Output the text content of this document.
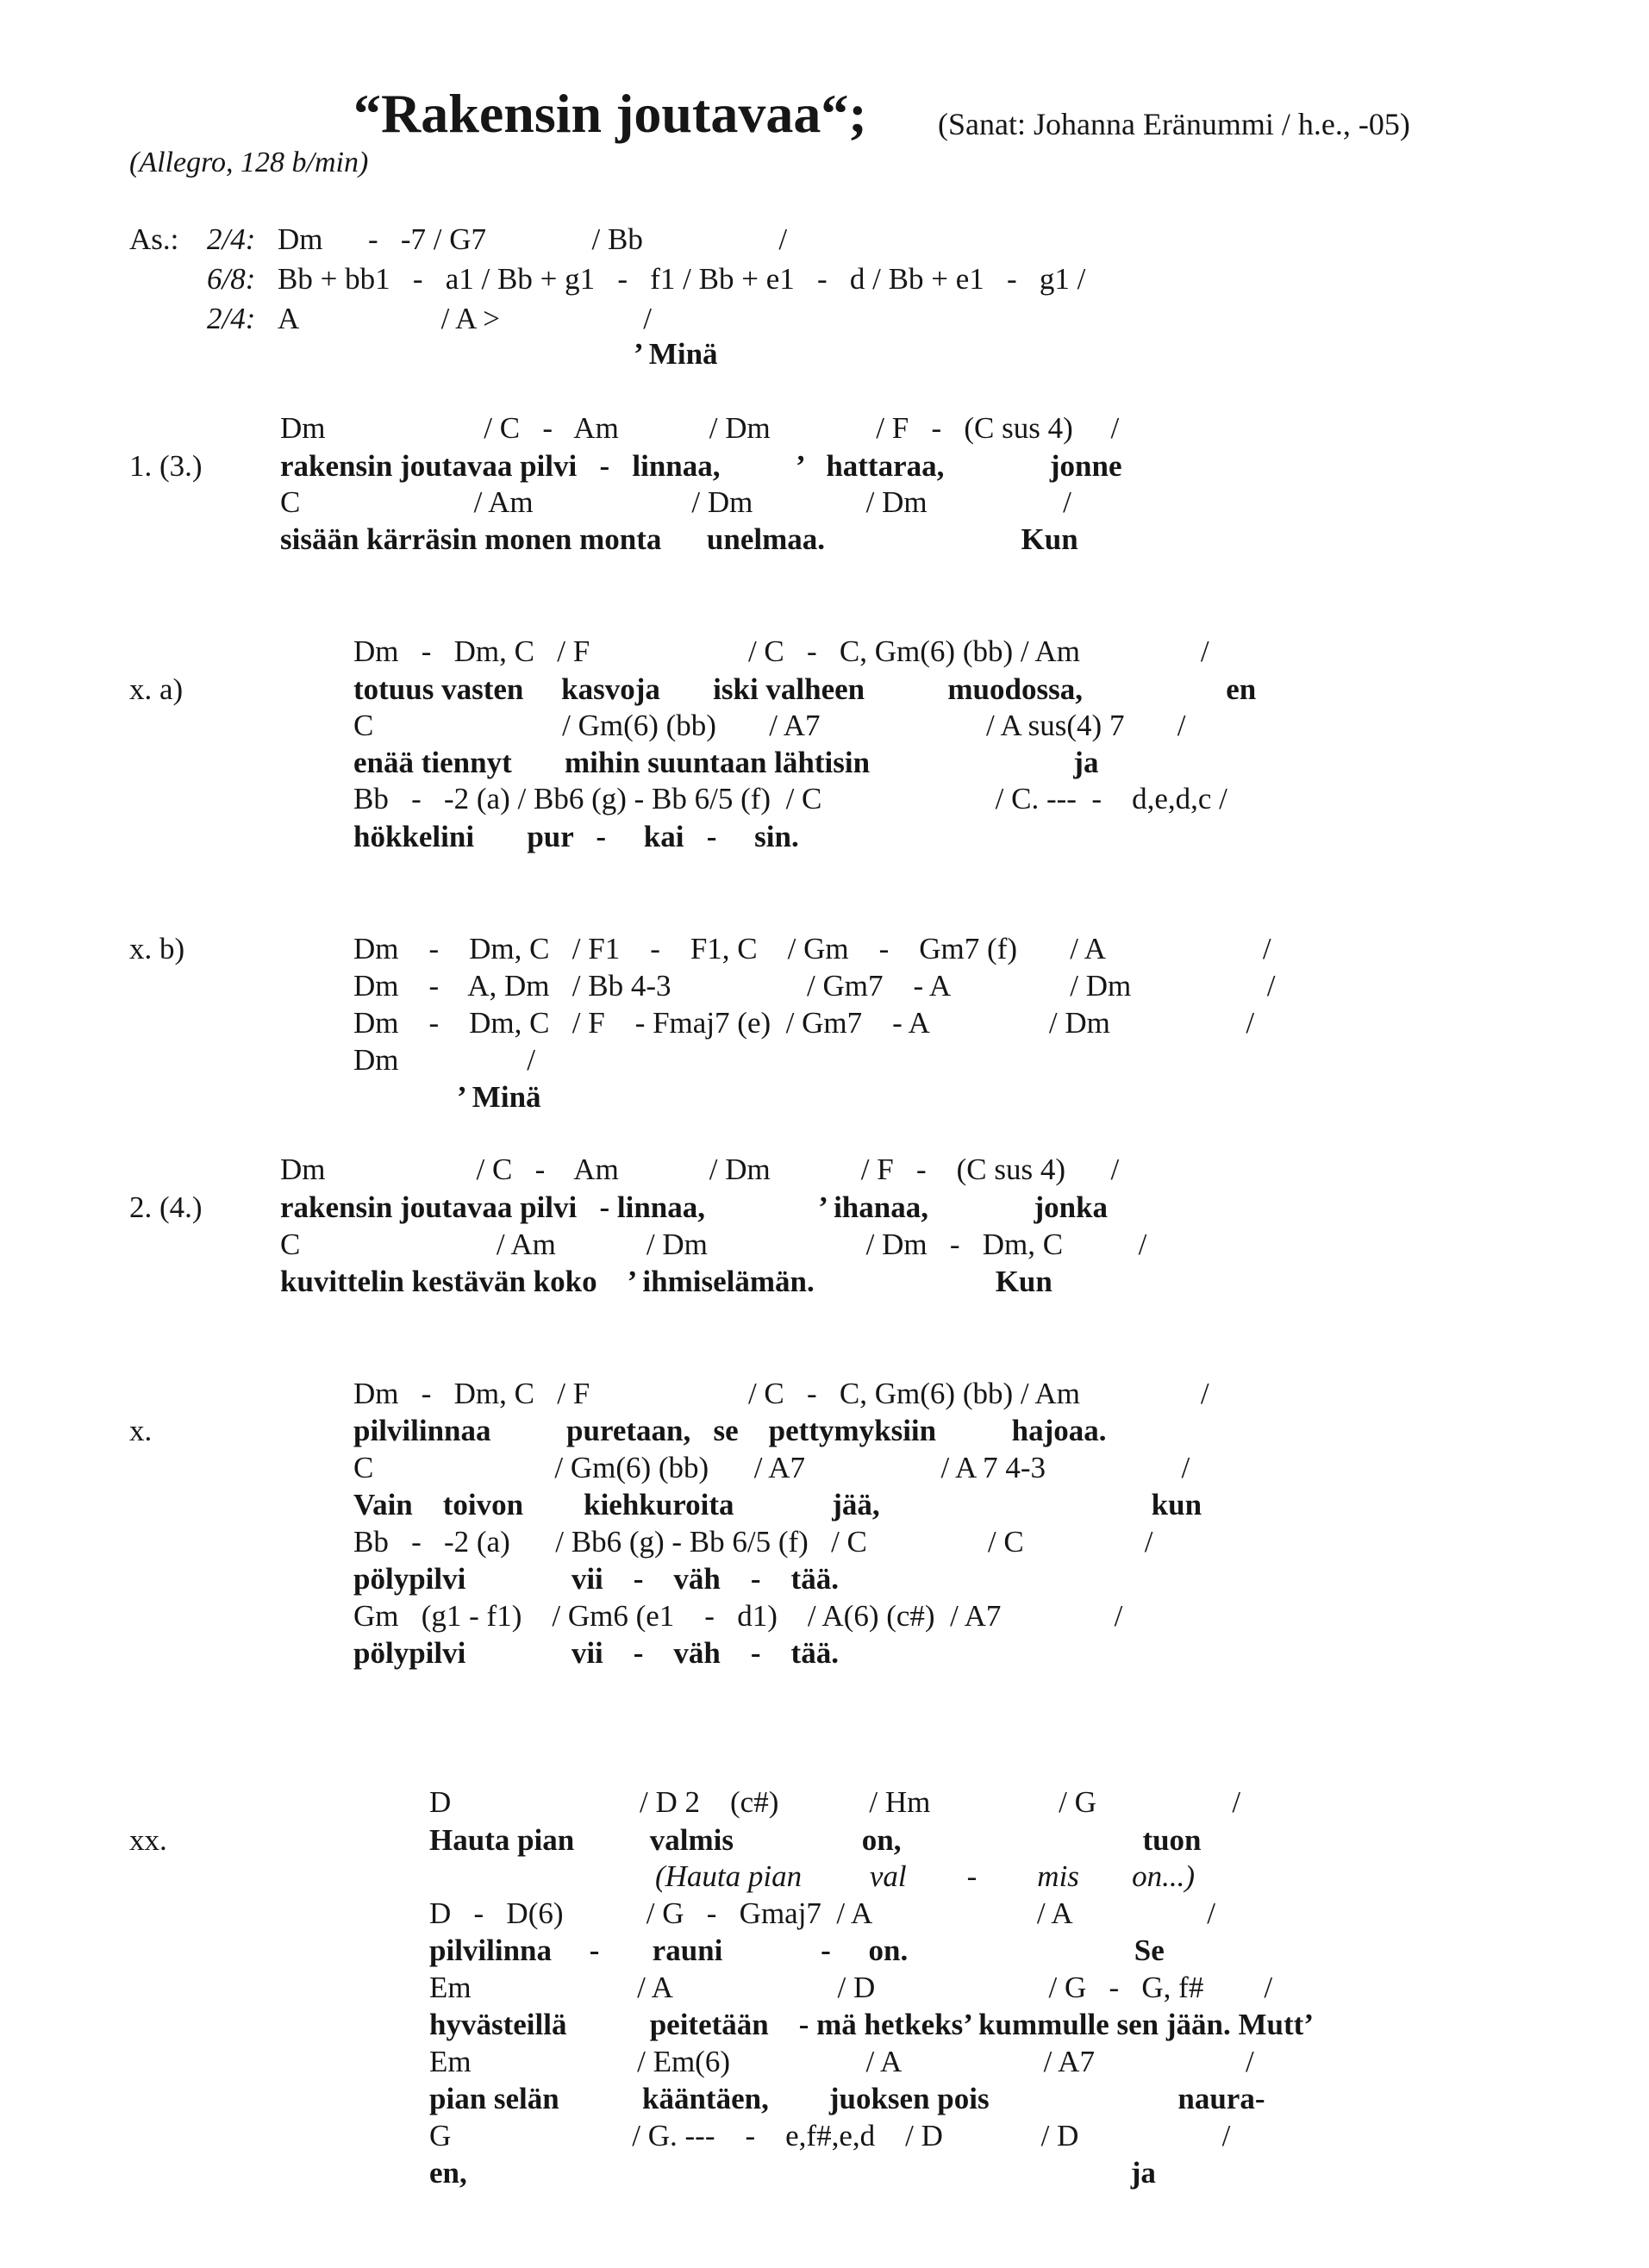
“Rakensin joutavaa“; (Sanat: Johanna Eränummi / h.e., -05)
(Allegro, 128 b/min)
As.: 2/4:
6/8:
2/4:
Dm      -   -7 / G7              / Bb                  /
Bb + bb1   -   a1 / Bb + g1   -   f1 / Bb + e1   -   d / Bb + e1   -   g1 /
A                   / A >                   /
’ Minä
1. (3.)
Dm                     / C   -   Am            / Dm              / F   -   (C sus 4)     /
rakensin joutavaa pilvi   -   linnaa,          ’   hattaraa,              jonne
C                       / Am                     / Dm               / Dm                  /
sisään kärräsin monen monta      unelmaa.                          Kun
x. a)
Dm   -   Dm, C   / F                     / C   -   C, Gm(6) (bb) / Am                /
totuus vasten     kasvoja       iski valheen           muodossa,                   en
C                         / Gm(6) (bb)       / A7                      / A sus(4) 7       /
enää tiennyt       mihin suuntaan lähtisin                           ja
Bb   -   -2 (a) / Bb6 (g) - Bb 6/5 (f)  / C                       / C. ---  -    d,e,d,c /
hökkelini       pur   -     kai   -     sin.
x. b)	Dm    -    Dm, C   / F1    -    F1, C    / Gm    -    Gm7 (f)       / A                     /
Dm    -    A, Dm   / Bb 4-3                  / Gm7    - A                / Dm                  /
Dm    -    Dm, C   / F    - Fmaj7 (e)  / Gm7    - A                / Dm                  /
Dm                 /
’ Minä
2. (4.)
Dm                    / C   -    Am            / Dm            / F   -    (C sus 4)      /
rakensin joutavaa pilvi   - linnaa,               ’ ihanaa,              jonka
C                          / Am            / Dm                     / Dm   -   Dm, C          /
kuvittelin kestävän koko    ’ ihmiselämän.                        Kun
x.
Dm   -   Dm, C   / F                     / C   -   C, Gm(6) (bb) / Am                /
pilvilinnaa          puretaan,   se    pettymyksiin          hajoaa.
C                        / Gm(6) (bb)      / A7                  / A 7 4-3                  /
Vain    toivon        kiehkuroita             jää,                                    kun
Bb   -   -2 (a)      / Bb6 (g) - Bb 6/5 (f)   / C                / C                /
pölypilvi              vii    -    väh    -    tää.
Gm   (g1 - f1)    / Gm6 (e1    -   d1)    / A(6) (c#)  / A7               /
pölypilvi              vii    -    väh    -    tää.
xx.
D                         / D 2    (c#)            / Hm                 / G                  /
Hauta pian          valmis                 on,                                tuon
(Hauta pian         val        -        mis       on...)
D   -   D(6)           / G   -   Gmaj7  / A                      / A                  /
pilvilinna     -       rauni             -     on.                              Se
Em                      / A                      / D                       / G   -   G, f#        /
hyvästeillä           peitetään    - mä hetkeks’ kummulle sen jään. Mutt’
Em                      / Em(6)                  / A                   / A7                    /
pian selän           kääntäen,        juoksen pois                         naura-
G                        / G. ---    -    e,f#,e,d    / D             / D                   /
en,                                                                                        ja
